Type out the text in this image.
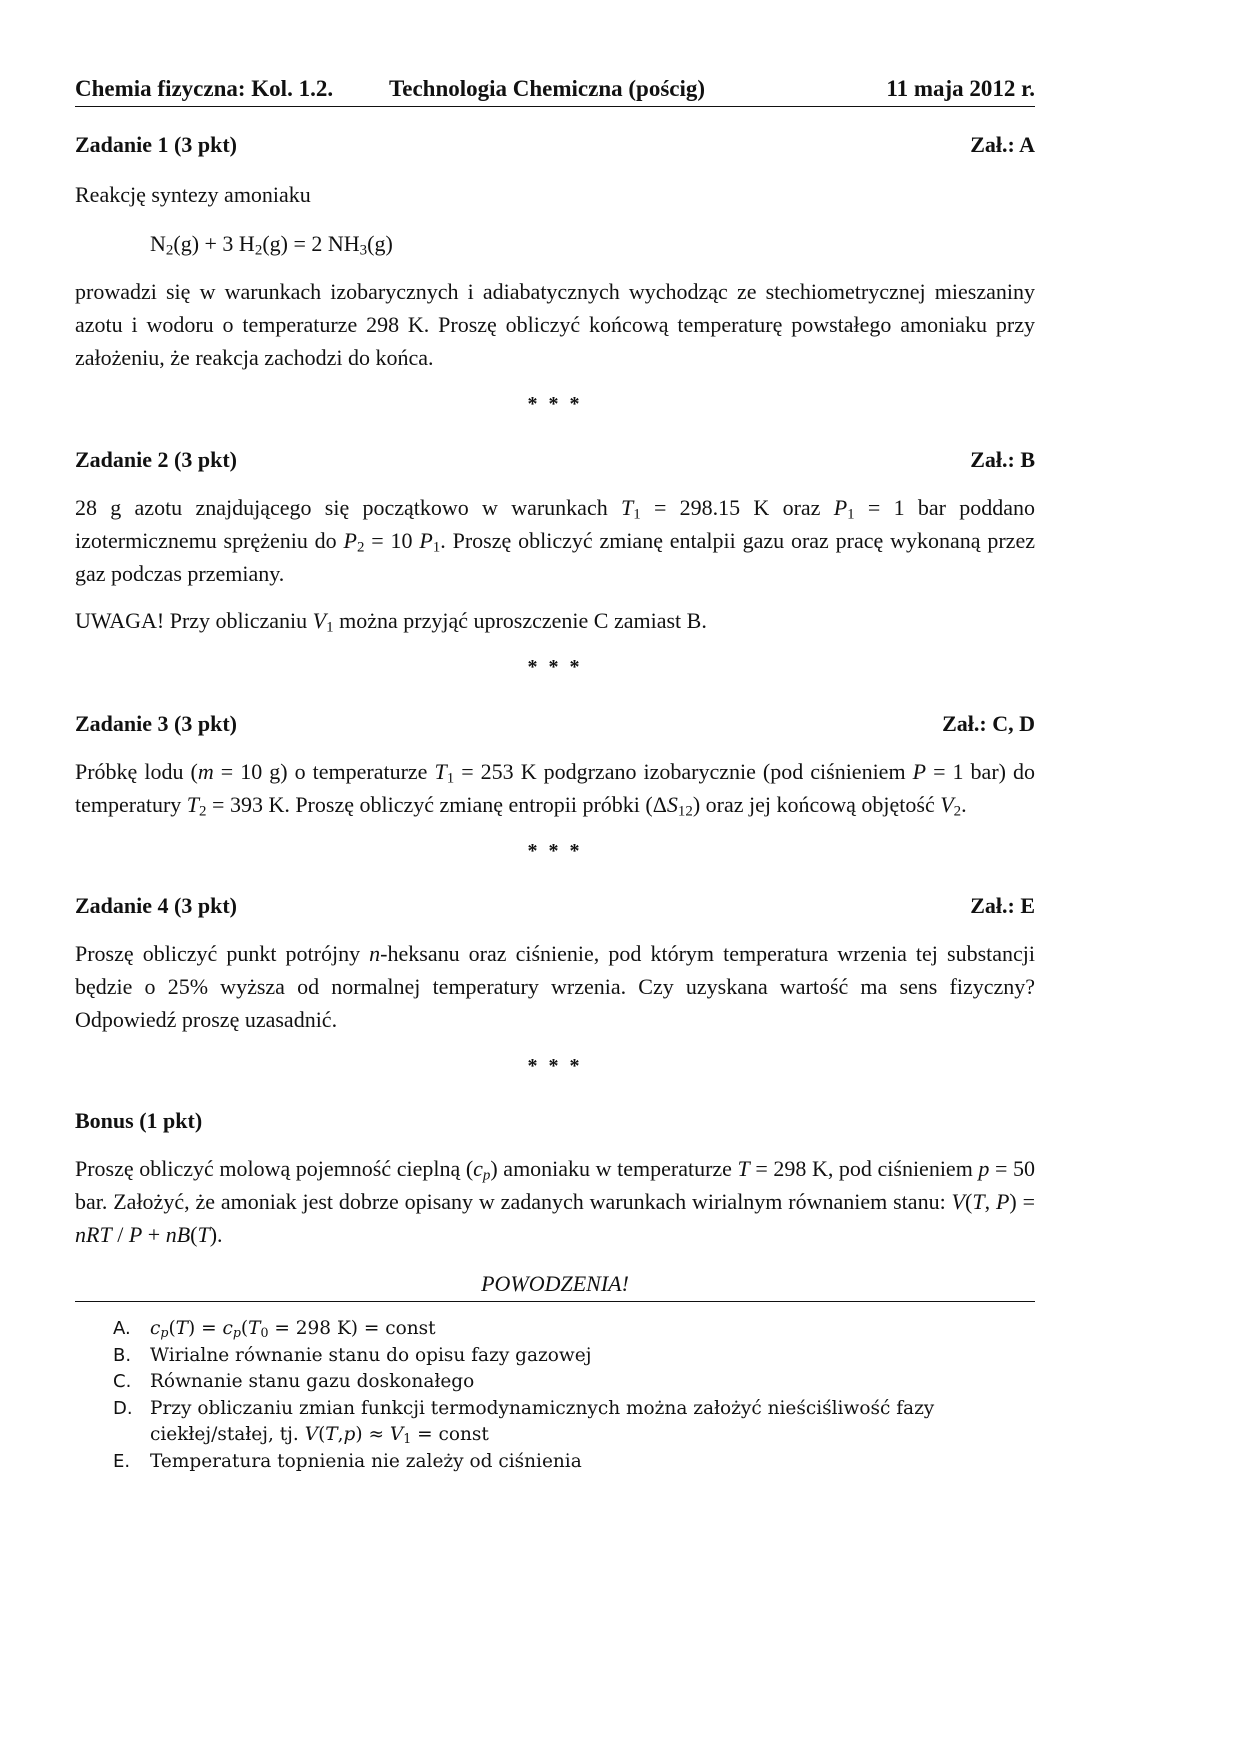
Chemia fizyczna: Kol. 1.2. Technologia Chemiczna (pościg)	11 maja 2012 r.
Zadanie 1 (3 pkt)	Zał.: A

Reakcję syntezy amoniaku

$N_2(g) + 3$ $H_2(g) = 2$ $NH_3(g)$

prowadzi się w warunkach izobarycznych i adiabatycznych wychodząc ze stechiometrycznej mieszaniny azotu i wodoru o temperaturze 298 K. Proszę obliczyć końcową temperaturę powstałego amoniaku przy założeniu, że reakcja zachodzi do końca.

* * *

Zadanie 2 (3 pkt)	Zał.: B

28 g azotu znajdującego się początkowo w warunkach $T_1 = 298.15$ K oraz $P_1 = 1$ bar poddano izotermicznemu sprężeniu do $P_2 = 10$ $P_1$. Proszę obliczyć zmianę entalpii gazu oraz pracę wykonaną przez gaz podczas przemiany.

UWAGA! Przy obliczaniu $V_1$ można przyjąć uproszczenie C zamiast B.

* * *

Zadanie 3 (3 pkt)	Zał.: C, D

Próbkę lodu (m = 10 g) o temperaturze $T_1 = 253$ K podgrzano izobarycznie (pod ciśnieniem P = 1 bar) do temperatury $T_2 = 393$ K. Proszę obliczyć zmianę entropii próbki $(\Delta S_{12})$ oraz jej końcową objętość $V_2$.

* * *

Zadanie 4 (3 pkt)	Zał.: E

Proszę obliczyć punkt potrójny n-heksanu oraz ciśnienie, pod którym temperatura wrzenia tej substancji będzie o 25% wyższa od normalnej temperatury wrzenia. Czy uzyskana wartość ma sens fizyczny? Odpowiedź proszę uzasadnić.

* * *

Bonus (1 pkt)

Proszę obliczyć molową pojemność cieplną $(c_p)$ amoniaku w temperaturze T = 298 K, pod ciśnieniem p = 50 bar. Założyć, że amoniak jest dobrze opisany w zadanych warunkach wirialnym równaniem stanu: V(T, P) = nRT / P + nB(T).

POWODZENIA!
A. $c_p(T) = c_p(T_0 = 298$ K) = const
B. Wirialne równanie stanu do opisu fazy gazowej
C. Równanie stanu gazu doskonałego
D. Przy obliczaniu zmian funkcji termodynamicznych można założyć nieściśliwość fazy
ciekłej/stałej, tj. $V(T,p) \approx V_1$ = const
E. Temperatura topnienia nie zależy od ciśnienia
